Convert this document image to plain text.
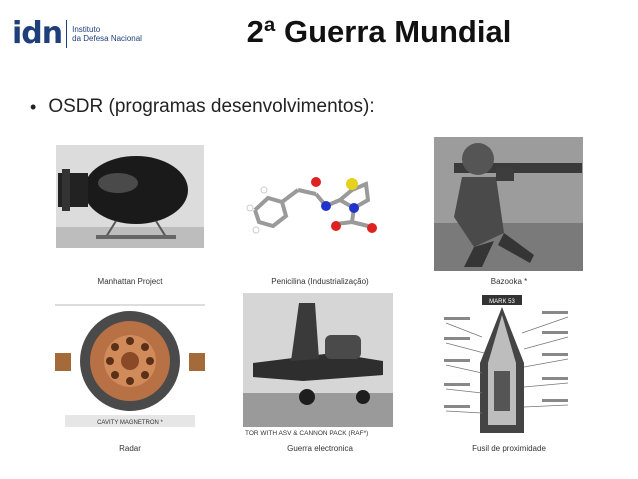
idn Instituto
da Defesa Nacional	2ª Guerra Mundial
• OSDR (programas desenvolvimentos):
Manhattan Project	Penicilina (Industrialização)	Bazooka *
CAVITY MAGNETRON *
Radar
TOR WITH ASV & CANNON PACK (RAF*)
Guerra electronica
MARK 53
Fusil de proximidade
